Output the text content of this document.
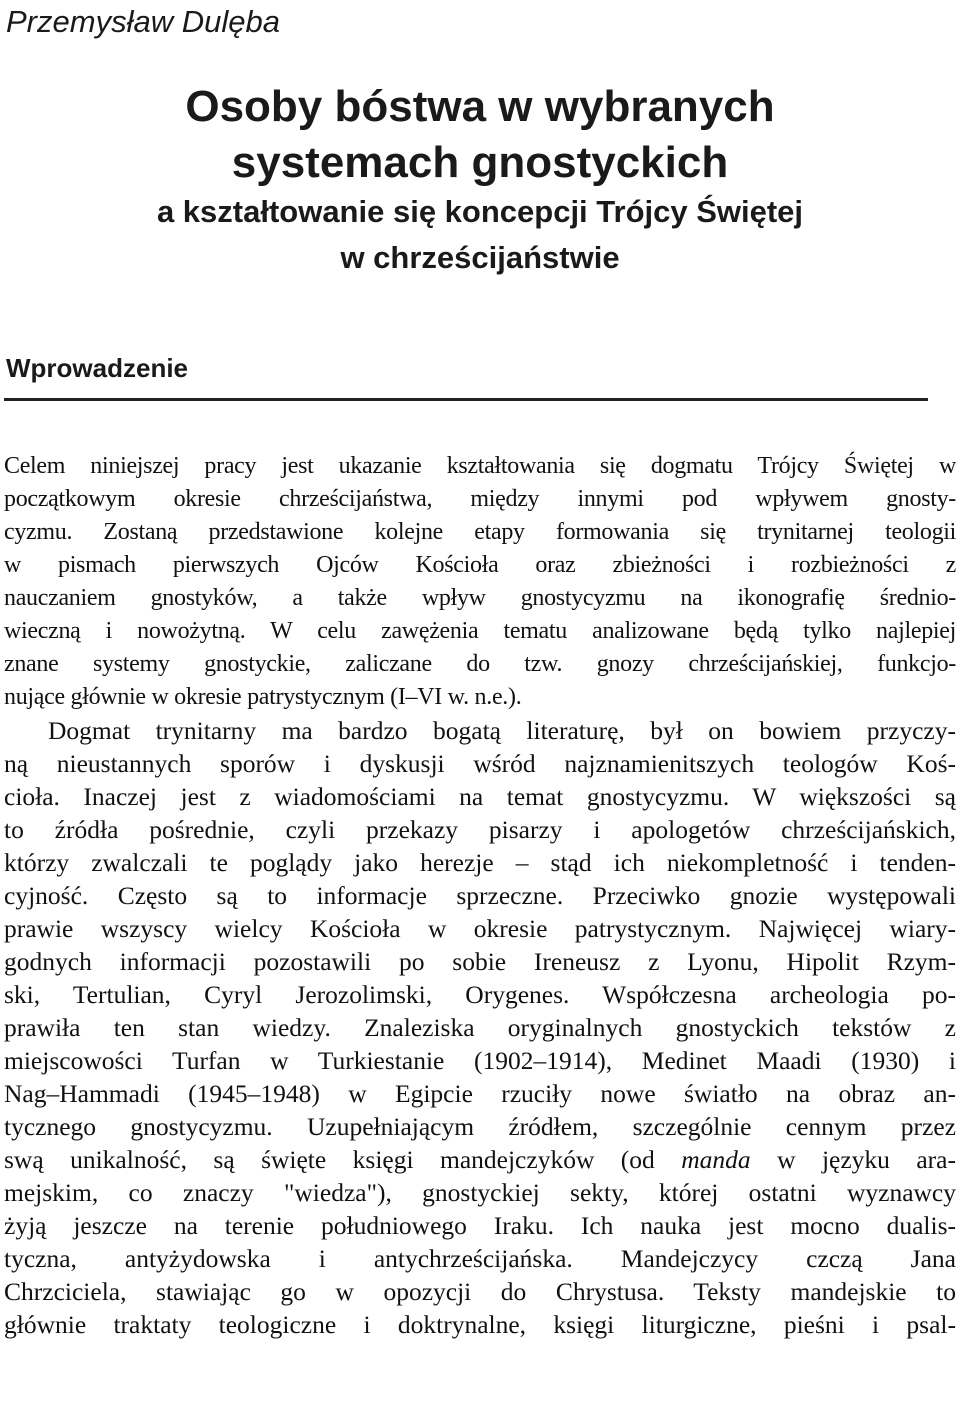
Przemysław Dulęba
Osoby bóstwa w wybranych
systemach gnostyckich
a kształtowanie się koncepcji Trójcy Świętej
w chrześcijaństwie
Wprowadzenie
Celem niniejszej pracy jest ukazanie kształtowania się dogmatu Trójcy Świętej w
początkowym okresie chrześcijaństwa, między innymi pod wpływem gnosty-
cyzmu. Zostaną przedstawione kolejne etapy formowania się trynitarnej teologii
w pismach pierwszych Ojców Kościoła oraz zbieżności i rozbieżności z
nauczaniem gnostyków, a także wpływ gnostycyzmu na ikonografię średnio-
wieczną i nowożytną. W celu zawężenia tematu analizowane będą tylko najlepiej
znane systemy gnostyckie, zaliczane do tzw. gnozy chrześcijańskiej, funkcjo-
nujące głównie w okresie patrystycznym (I–VI w. n.e.).
Dogmat trynitarny ma bardzo bogatą literaturę, był on bowiem przyczy-
ną nieustannych sporów i dyskusji wśród najznamienitszych teologów Koś-
cioła. Inaczej jest z wiadomościami na temat gnostycyzmu. W większości są
to źródła pośrednie, czyli przekazy pisarzy i apologetów chrześcijańskich,
którzy zwalczali te poglądy jako herezje – stąd ich niekompletność i tenden-
cyjność. Często są to informacje sprzeczne. Przeciwko gnozie występowali
prawie wszyscy wielcy Kościoła w okresie patrystycznym. Najwięcej wiary-
godnych informacji pozostawili po sobie Ireneusz z Lyonu, Hipolit Rzym-
ski, Tertulian, Cyryl Jerozolimski, Orygenes. Współczesna archeologia po-
prawiła ten stan wiedzy. Znaleziska oryginalnych gnostyckich tekstów z
miejscowości Turfan w Turkiestanie (1902–1914), Medinet Maadi (1930) i
Nag–Hammadi (1945–1948) w Egipcie rzuciły nowe światło na obraz an-
tycznego gnostycyzmu. Uzupełniającym źródłem, szczególnie cennym przez
swą unikalność, są święte księgi mandejczyków (od manda w języku ara-
mejskim, co znaczy "wiedza"), gnostyckiej sekty, której ostatni wyznawcy
żyją jeszcze na terenie południowego Iraku. Ich nauka jest mocno dualis-
tyczna, antyżydowska i antychrześcijańska. Mandejczycy czczą Jana
Chrzciciela, stawiając go w opozycji do Chrystusa. Teksty mandejskie to
głównie traktaty teologiczne i doktrynalne, księgi liturgiczne, pieśni i psal-
